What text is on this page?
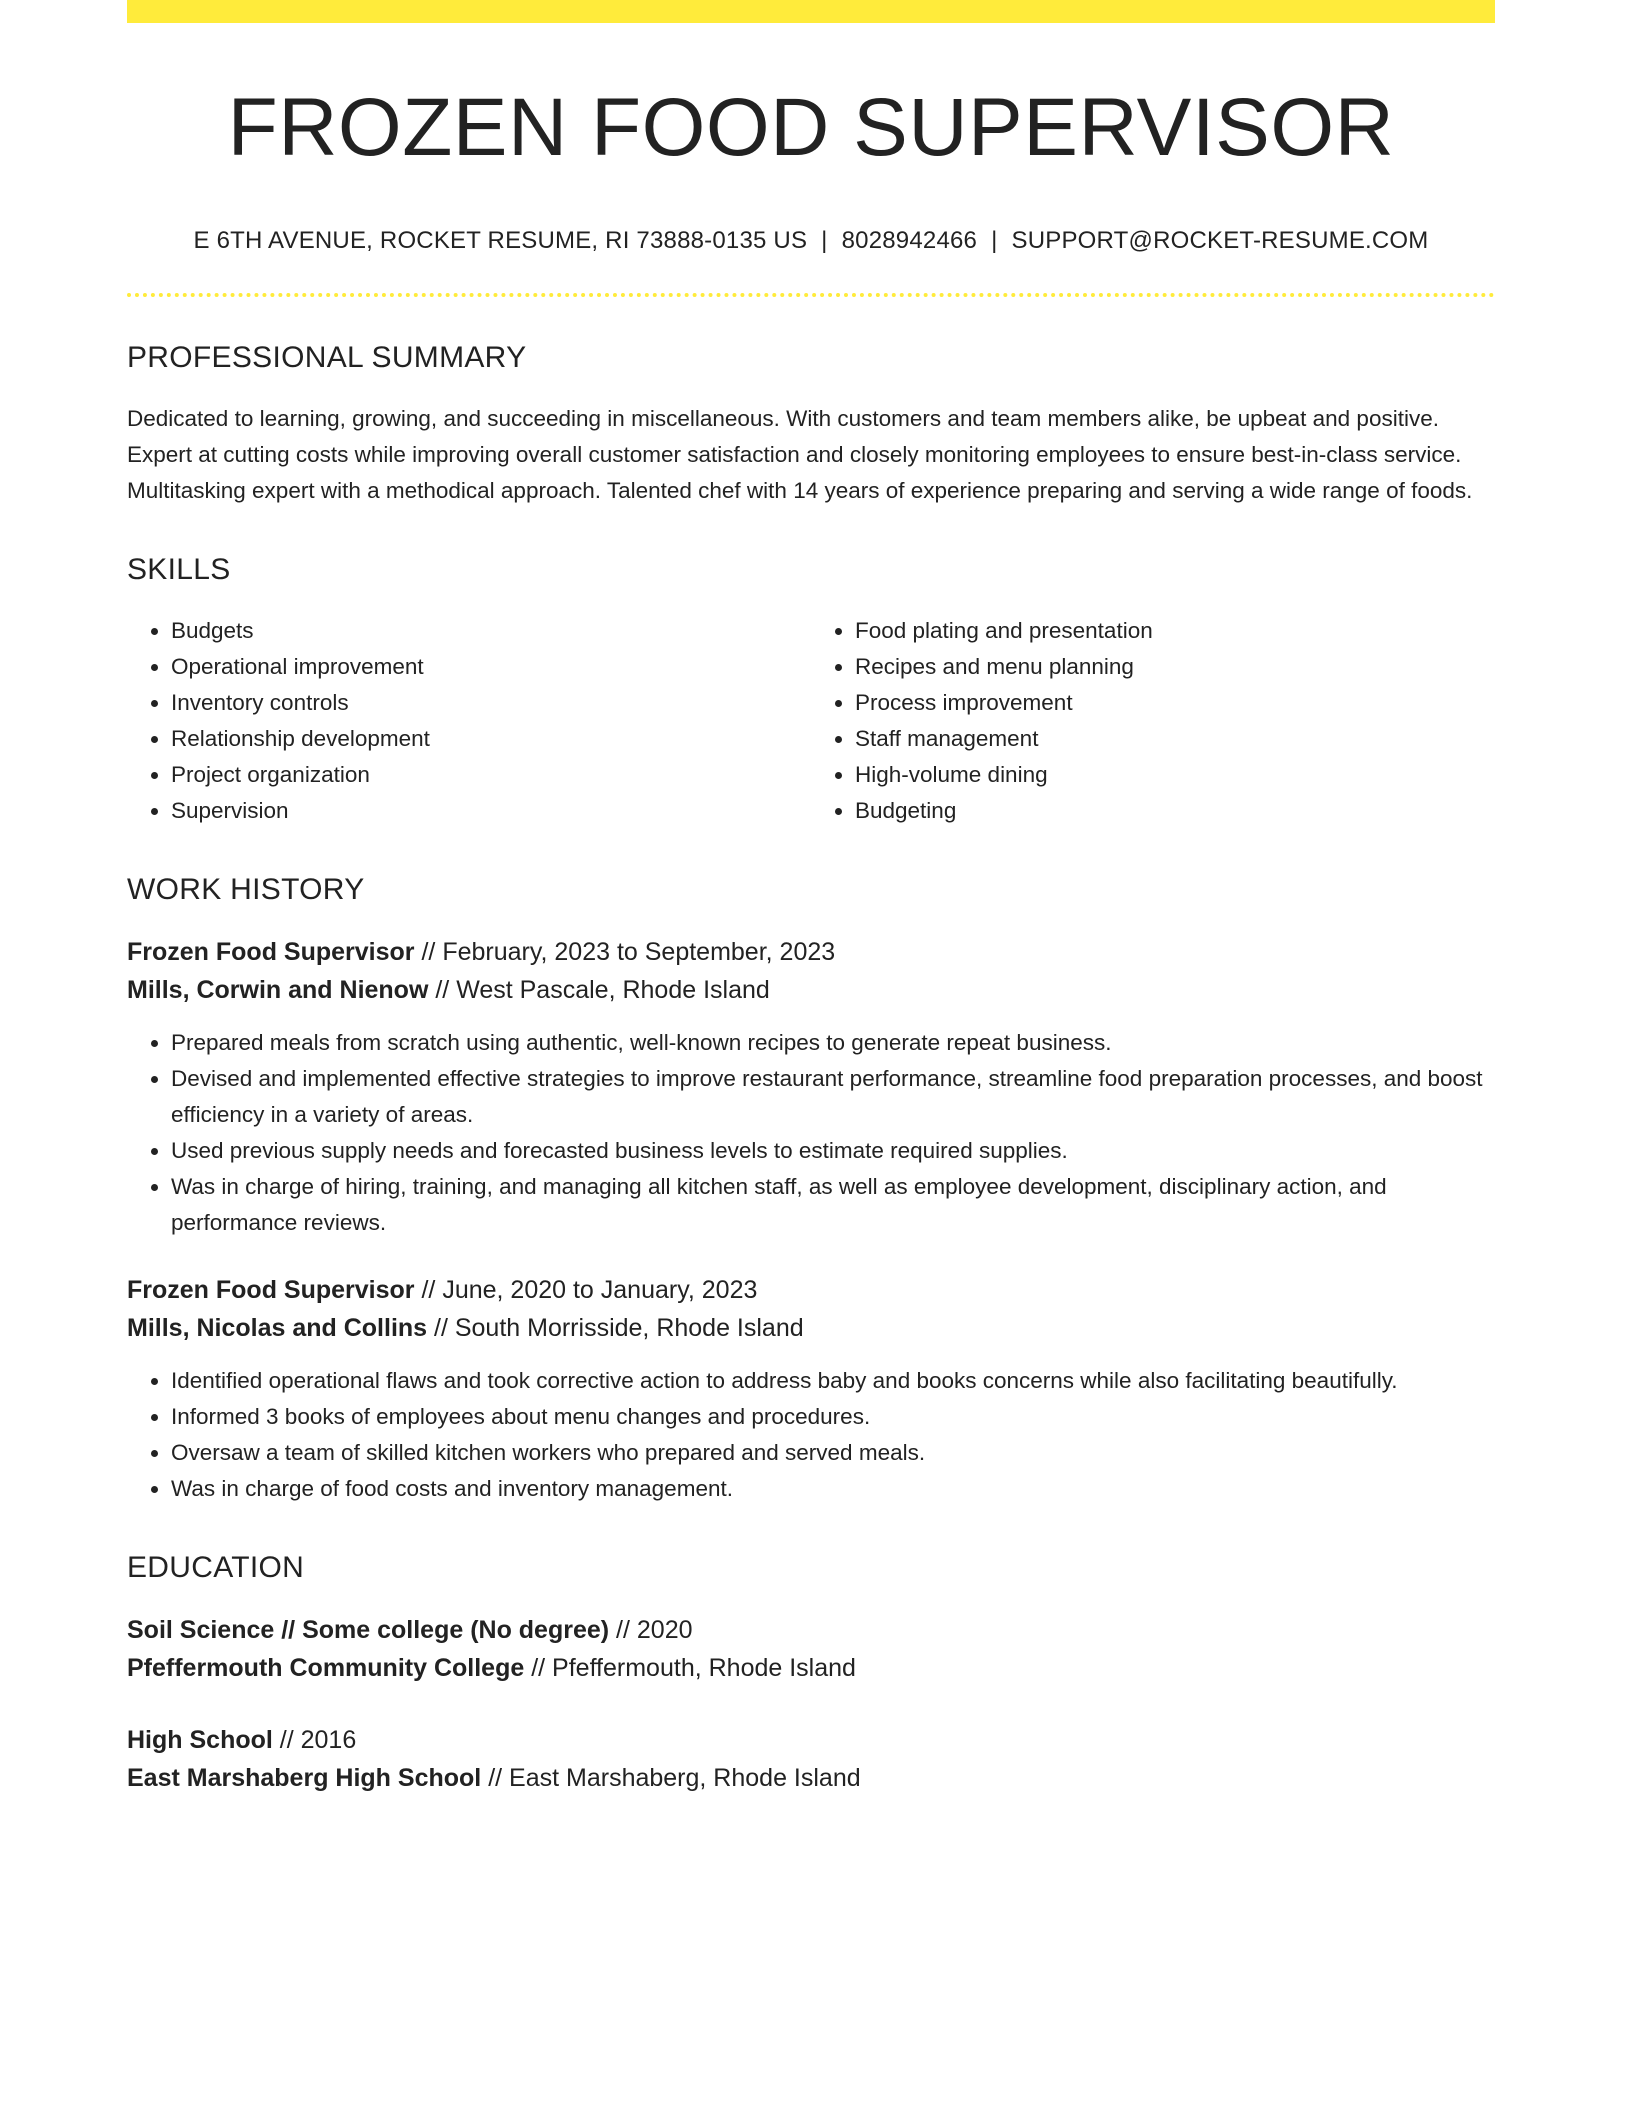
FROZEN FOOD SUPERVISOR
E 6TH AVENUE, ROCKET RESUME, RI 73888-0135 US | 8028942466 | SUPPORT@ROCKET-RESUME.COM
PROFESSIONAL SUMMARY

Dedicated to learning, growing, and succeeding in miscellaneous. With customers and team members alike, be upbeat and positive. Expert at cutting costs while improving overall customer satisfaction and closely monitoring employees to ensure best-in-class service. Multitasking expert with a methodical approach. Talented chef with 14 years of experience preparing and serving a wide range of foods.

SKILLS
• Budgets
• Operational improvement
• Inventory controls
• Relationship development
• Project organization
• Supervision
• Food plating and presentation
• Recipes and menu planning
• Process improvement
• Staff management
• High-volume dining
• Budgeting
WORK HISTORY
Frozen Food Supervisor // February, 2023 to September, 2023
Mills, Corwin and Nienow // West Pascale, Rhode Island
• Prepared meals from scratch using authentic, well-known recipes to generate repeat business.
• Devised and implemented effective strategies to improve restaurant performance, streamline food preparation processes, and boost efficiency in a variety of areas.
• Used previous supply needs and forecasted business levels to estimate required supplies.
• Was in charge of hiring, training, and managing all kitchen staff, as well as employee development, disciplinary action, and performance reviews.
Frozen Food Supervisor // June, 2020 to January, 2023
Mills, Nicolas and Collins // South Morrisside, Rhode Island
• Identified operational flaws and took corrective action to address baby and books concerns while also facilitating beautifully.
• Informed 3 books of employees about menu changes and procedures.
• Oversaw a team of skilled kitchen workers who prepared and served meals.
• Was in charge of food costs and inventory management.
EDUCATION
Soil Science // Some college (No degree) // 2020
Pfeffermouth Community College // Pfeffermouth, Rhode Island
High School // 2016
East Marshaberg High School // East Marshaberg, Rhode Island
